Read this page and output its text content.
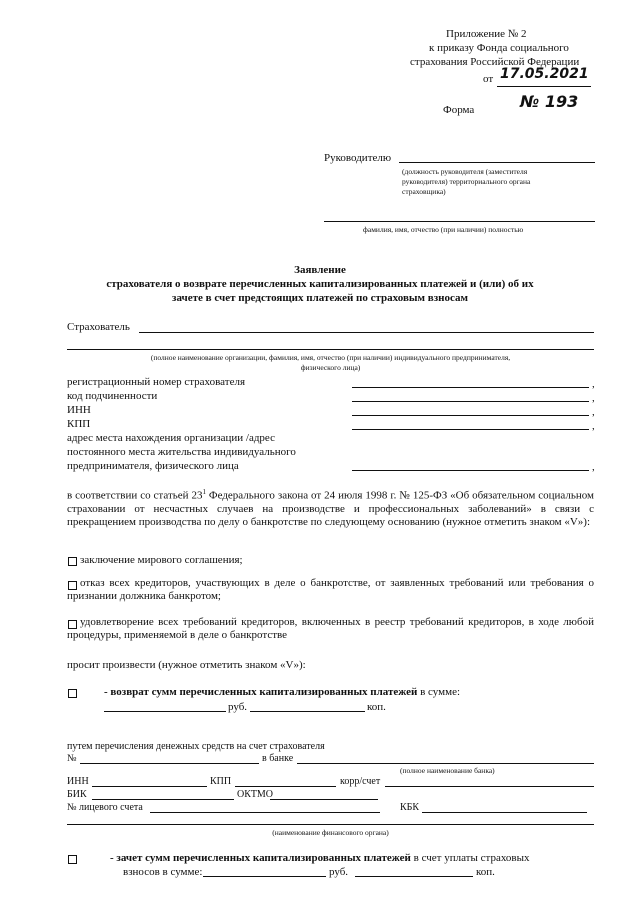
Приложение № 2
к приказу Фонда социального
страхования Российской Федерации
от 17.05.2021
№ 193
Форма
Руководителю
(должность руководителя (заместителя
руководителя) территориального органа
страховщика)
фамилия, имя, отчество (при наличии) полностью
Заявление
страхователя о возврате перечисленных капитализированных платежей и (или) об их
зачете в счет предстоящих платежей по страховым взносам
Страхователь
(полное наименование организации, фамилия, имя, отчество (при наличии) индивидуального предпринимателя,
физического лица)
регистрационный номер страхователя	,
код подчиненности	,
ИНН	,
КПП	,
адрес места нахождения организации /адрес
постоянного места жительства индивидуального
предпринимателя, физического лица	,
в соответствии со статьей $23^1$ Федерального закона от 24 июля 1998 г. № 125-ФЗ «Об обязательном социальном страховании от несчастных случаев на производстве и профессиональных заболеваний» в связи с прекращением производства по делу о банкротстве по следующему основанию (нужное отметить знаком «V»):
заключение мирового соглашения;
отказ всех кредиторов, участвующих в деле о банкротстве, от заявленных требований или требования о признании должника банкротом;
удовлетворение всех требований кредиторов, включенных в реестр требований кредиторов, в ходе любой процедуры, применяемой в деле о банкротстве
просит произвести (нужное отметить знаком «V»):
- возврат сумм перечисленных капитализированных платежей в сумме:
руб.	коп.
путем перечисления денежных средств на счет страхователя
№	в банке
(полное наименование банка)
ИНН	КПП	корр/счет
БИК	ОКТМО
№ лицевого счета	КБК
(наименование финансового органа)
- зачет сумм перечисленных капитализированных платежей в счет уплаты страховых
взносов в сумме:	руб.	коп.
